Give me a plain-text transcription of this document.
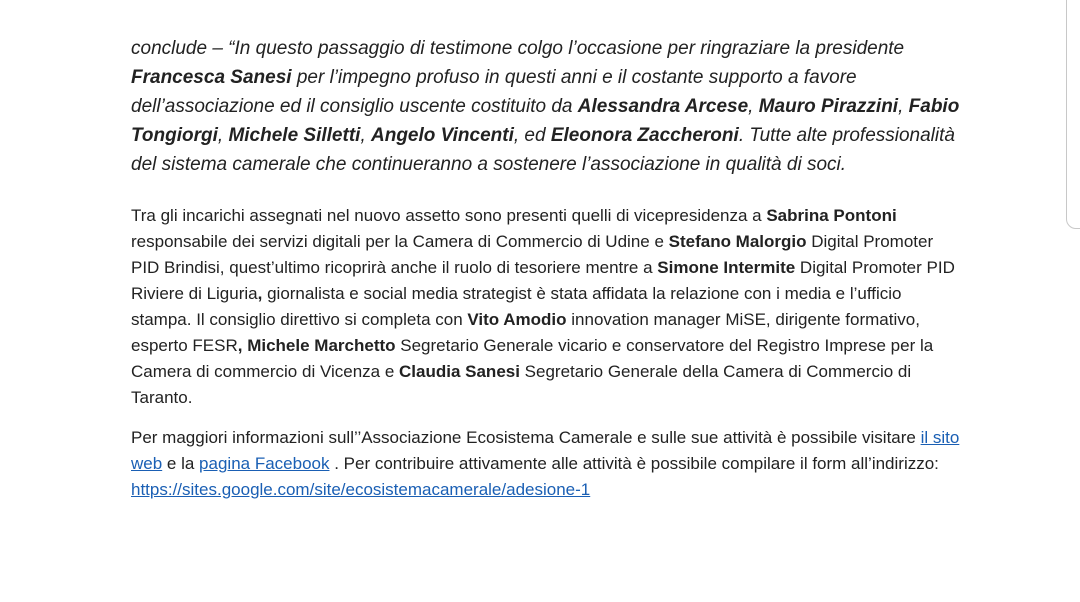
conclude – “In questo passaggio di testimone colgo l’occasione per ringraziare la presidente Francesca Sanesi per l’impegno profuso in questi anni e il costante supporto a favore dell’associazione ed il consiglio uscente costituito da Alessandra Arcese, Mauro Pirazzini, Fabio Tongiorgi, Michele Silletti, Angelo Vincenti, ed Eleonora Zaccheroni. Tutte alte professionalità del sistema camerale che continueranno a sostenere l’associazione in qualità di soci.

Tra gli incarichi assegnati nel nuovo assetto sono presenti quelli di vicepresidenza a Sabrina Pontoni responsabile dei servizi digitali per la Camera di Commercio di Udine e Stefano Malorgio Digital Promoter PID Brindisi, quest’ultimo ricoprirà anche il ruolo di tesoriere mentre a Simone Intermite Digital Promoter PID Riviere di Liguria, giornalista e social media strategist è stata affidata la relazione con i media e l’ufficio stampa. Il consiglio direttivo si completa con Vito Amodio innovation manager MiSE, dirigente formativo, esperto FESR, Michele Marchetto Segretario Generale vicario e conservatore del Registro Imprese per la Camera di commercio di Vicenza e Claudia Sanesi Segretario Generale della Camera di Commercio di Taranto.

Per maggiori informazioni sull’’Associazione Ecosistema Camerale e sulle sue attività è possibile visitare il sito web e la pagina Facebook . Per contribuire attivamente alle attività è possibile compilare il form all’indirizzo:
https://sites.google.com/site/ecosistemacamerale/adesione-1
